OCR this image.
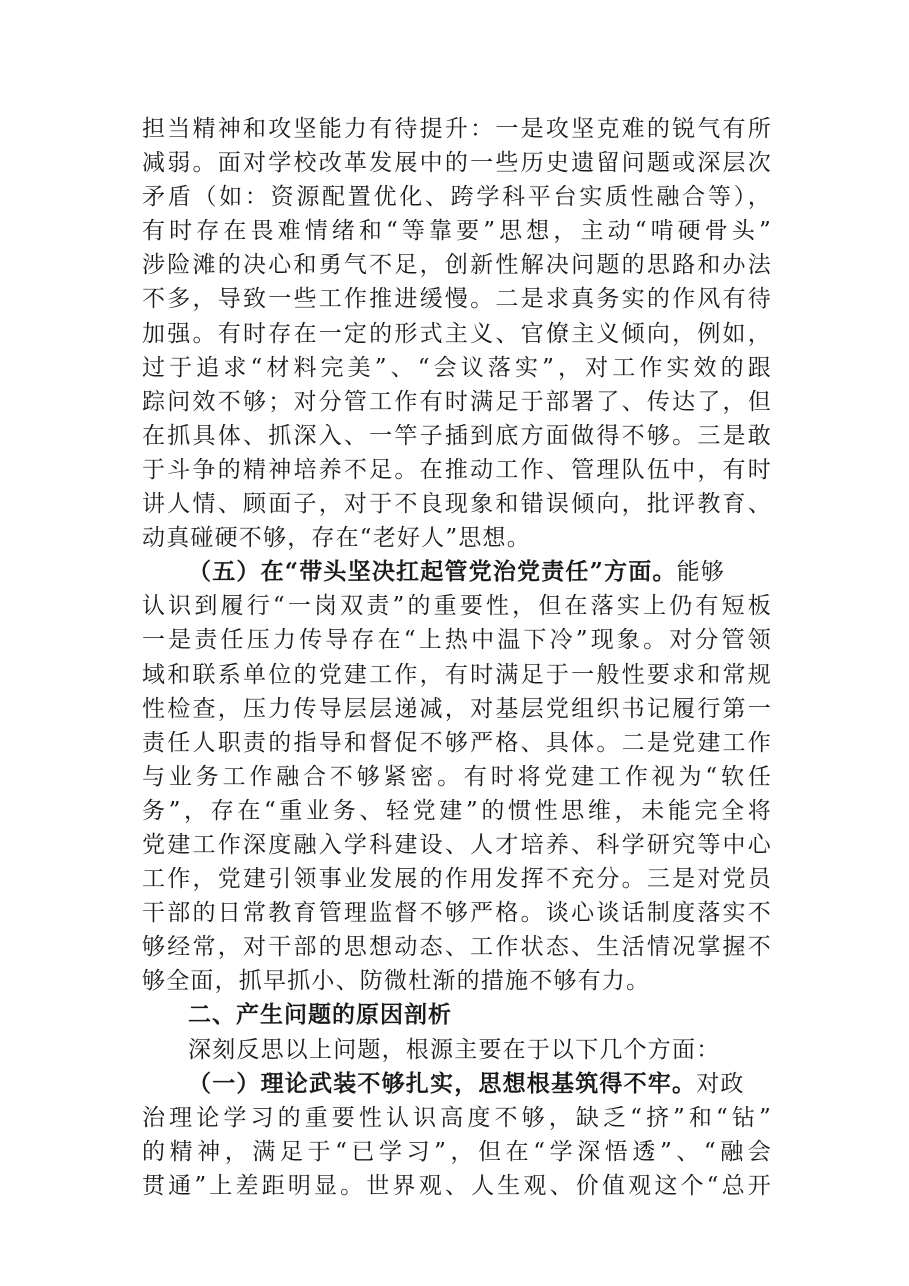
担当精神和攻坚能力有待提升：一是攻坚克难的锐气有所
减弱。面对学校改革发展中的一些历史遗留问题或深层次
矛盾（如：资源配置优化、跨学科平台实质性融合等），
有时存在畏难情绪和“等靠要”思想，主动“啃硬骨头”
涉险滩的决心和勇气不足，创新性解决问题的思路和办法
不多，导致一些工作推进缓慢。二是求真务实的作风有待
加强。有时存在一定的形式主义、官僚主义倾向，例如，
过于追求“材料完美”、“会议落实”，对工作实效的跟
踪问效不够；对分管工作有时满足于部署了、传达了，但
在抓具体、抓深入、一竿子插到底方面做得不够。三是敢
于斗争的精神培养不足。在推动工作、管理队伍中，有时
讲人情、顾面子，对于不良现象和错误倾向，批评教育、
动真碰硬不够，存在“老好人”思想。
（五）在“带头坚决扛起管党治党责任”方面。能够
认识到履行“一岗双责”的重要性，但在落实上仍有短板
一是责任压力传导存在“上热中温下冷”现象。对分管领
域和联系单位的党建工作，有时满足于一般性要求和常规
性检查，压力传导层层递减，对基层党组织书记履行第一
责任人职责的指导和督促不够严格、具体。二是党建工作
与业务工作融合不够紧密。有时将党建工作视为“软任
务”，存在“重业务、轻党建”的惯性思维，未能完全将
党建工作深度融入学科建设、人才培养、科学研究等中心
工作，党建引领事业发展的作用发挥不充分。三是对党员
干部的日常教育管理监督不够严格。谈心谈话制度落实不
够经常，对干部的思想动态、工作状态、生活情况掌握不
够全面，抓早抓小、防微杜渐的措施不够有力。
二、产生问题的原因剖析
深刻反思以上问题，根源主要在于以下几个方面：
（一）理论武装不够扎实，思想根基筑得不牢。对政
治理论学习的重要性认识高度不够，缺乏“挤”和“钻”
的精神，满足于“已学习”，但在“学深悟透”、“融会
贯通”上差距明显。世界观、人生观、价值观这个“总开
